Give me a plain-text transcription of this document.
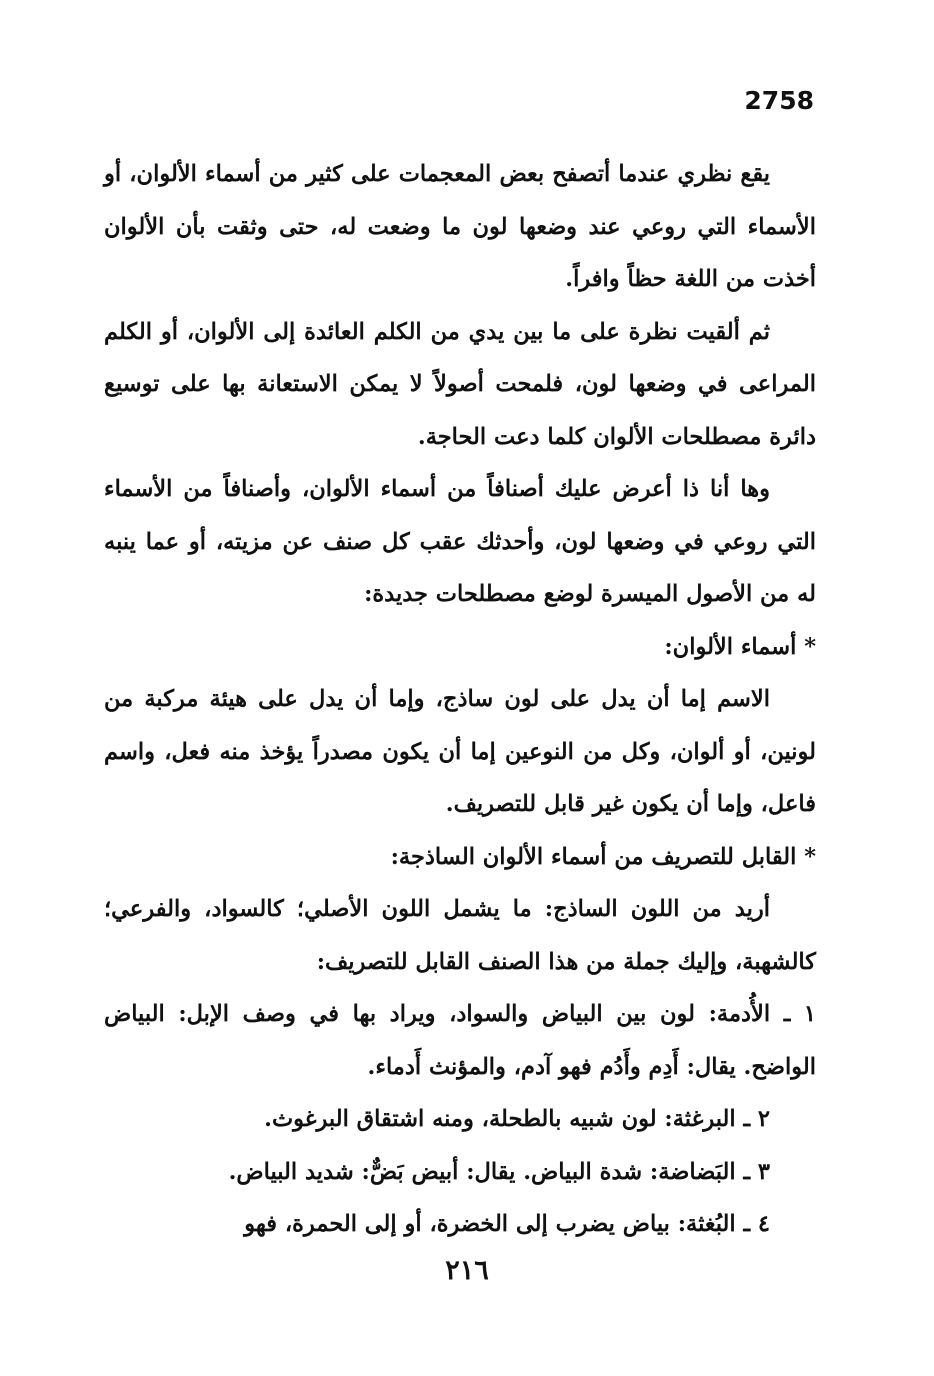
2758

يقع نظري عندما أتصفح بعض المعجمات على كثير من أسماء الألوان، أو الأسماء التي روعي عند وضعها لون ما وضعت له، حتى وثقت بأن الألوان أخذت من اللغة حظاً وافراً.

ثم ألقيت نظرة على ما بين يدي من الكلم العائدة إلى الألوان، أو الكلم المراعى في وضعها لون، فلمحت أصولاً لا يمكن الاستعانة بها على توسيع دائرة مصطلحات الألوان كلما دعت الحاجة.

وها أنا ذا أعرض عليك أصنافاً من أسماء الألوان، وأصنافاً من الأسماء التي روعي في وضعها لون، وأحدثك عقب كل صنف عن مزيته، أو عما ينبه له من الأصول الميسرة لوضع مصطلحات جديدة:

* أسماء الألوان:

الاسم إما أن يدل على لون ساذج، وإما أن يدل على هيئة مركبة من لونين، أو ألوان، وكل من النوعين إما أن يكون مصدراً يؤخذ منه فعل، واسم فاعل، وإما أن يكون غير قابل للتصريف.

* القابل للتصريف من أسماء الألوان الساذجة:

أريد من اللون الساذج: ما يشمل اللون الأصلي؛ كالسواد، والفرعي؛ كالشهبة، وإليك جملة من هذا الصنف القابل للتصريف:

١ ـ الأُدمة: لون بين البياض والسواد، ويراد بها في وصف الإبل: البياض الواضح. يقال: أَدِم وأَدُم فهو آدم، والمؤنث أَدماء.

٢ ـ البرغثة: لون شبيه بالطحلة، ومنه اشتقاق البرغوث.

٣ ـ البَضاضة: شدة البياض. يقال: أبيض بَضٌّ: شديد البياض.

٤ ـ البُغثة: بياض يضرب إلى الخضرة، أو إلى الحمرة، فهو

٢١٦
